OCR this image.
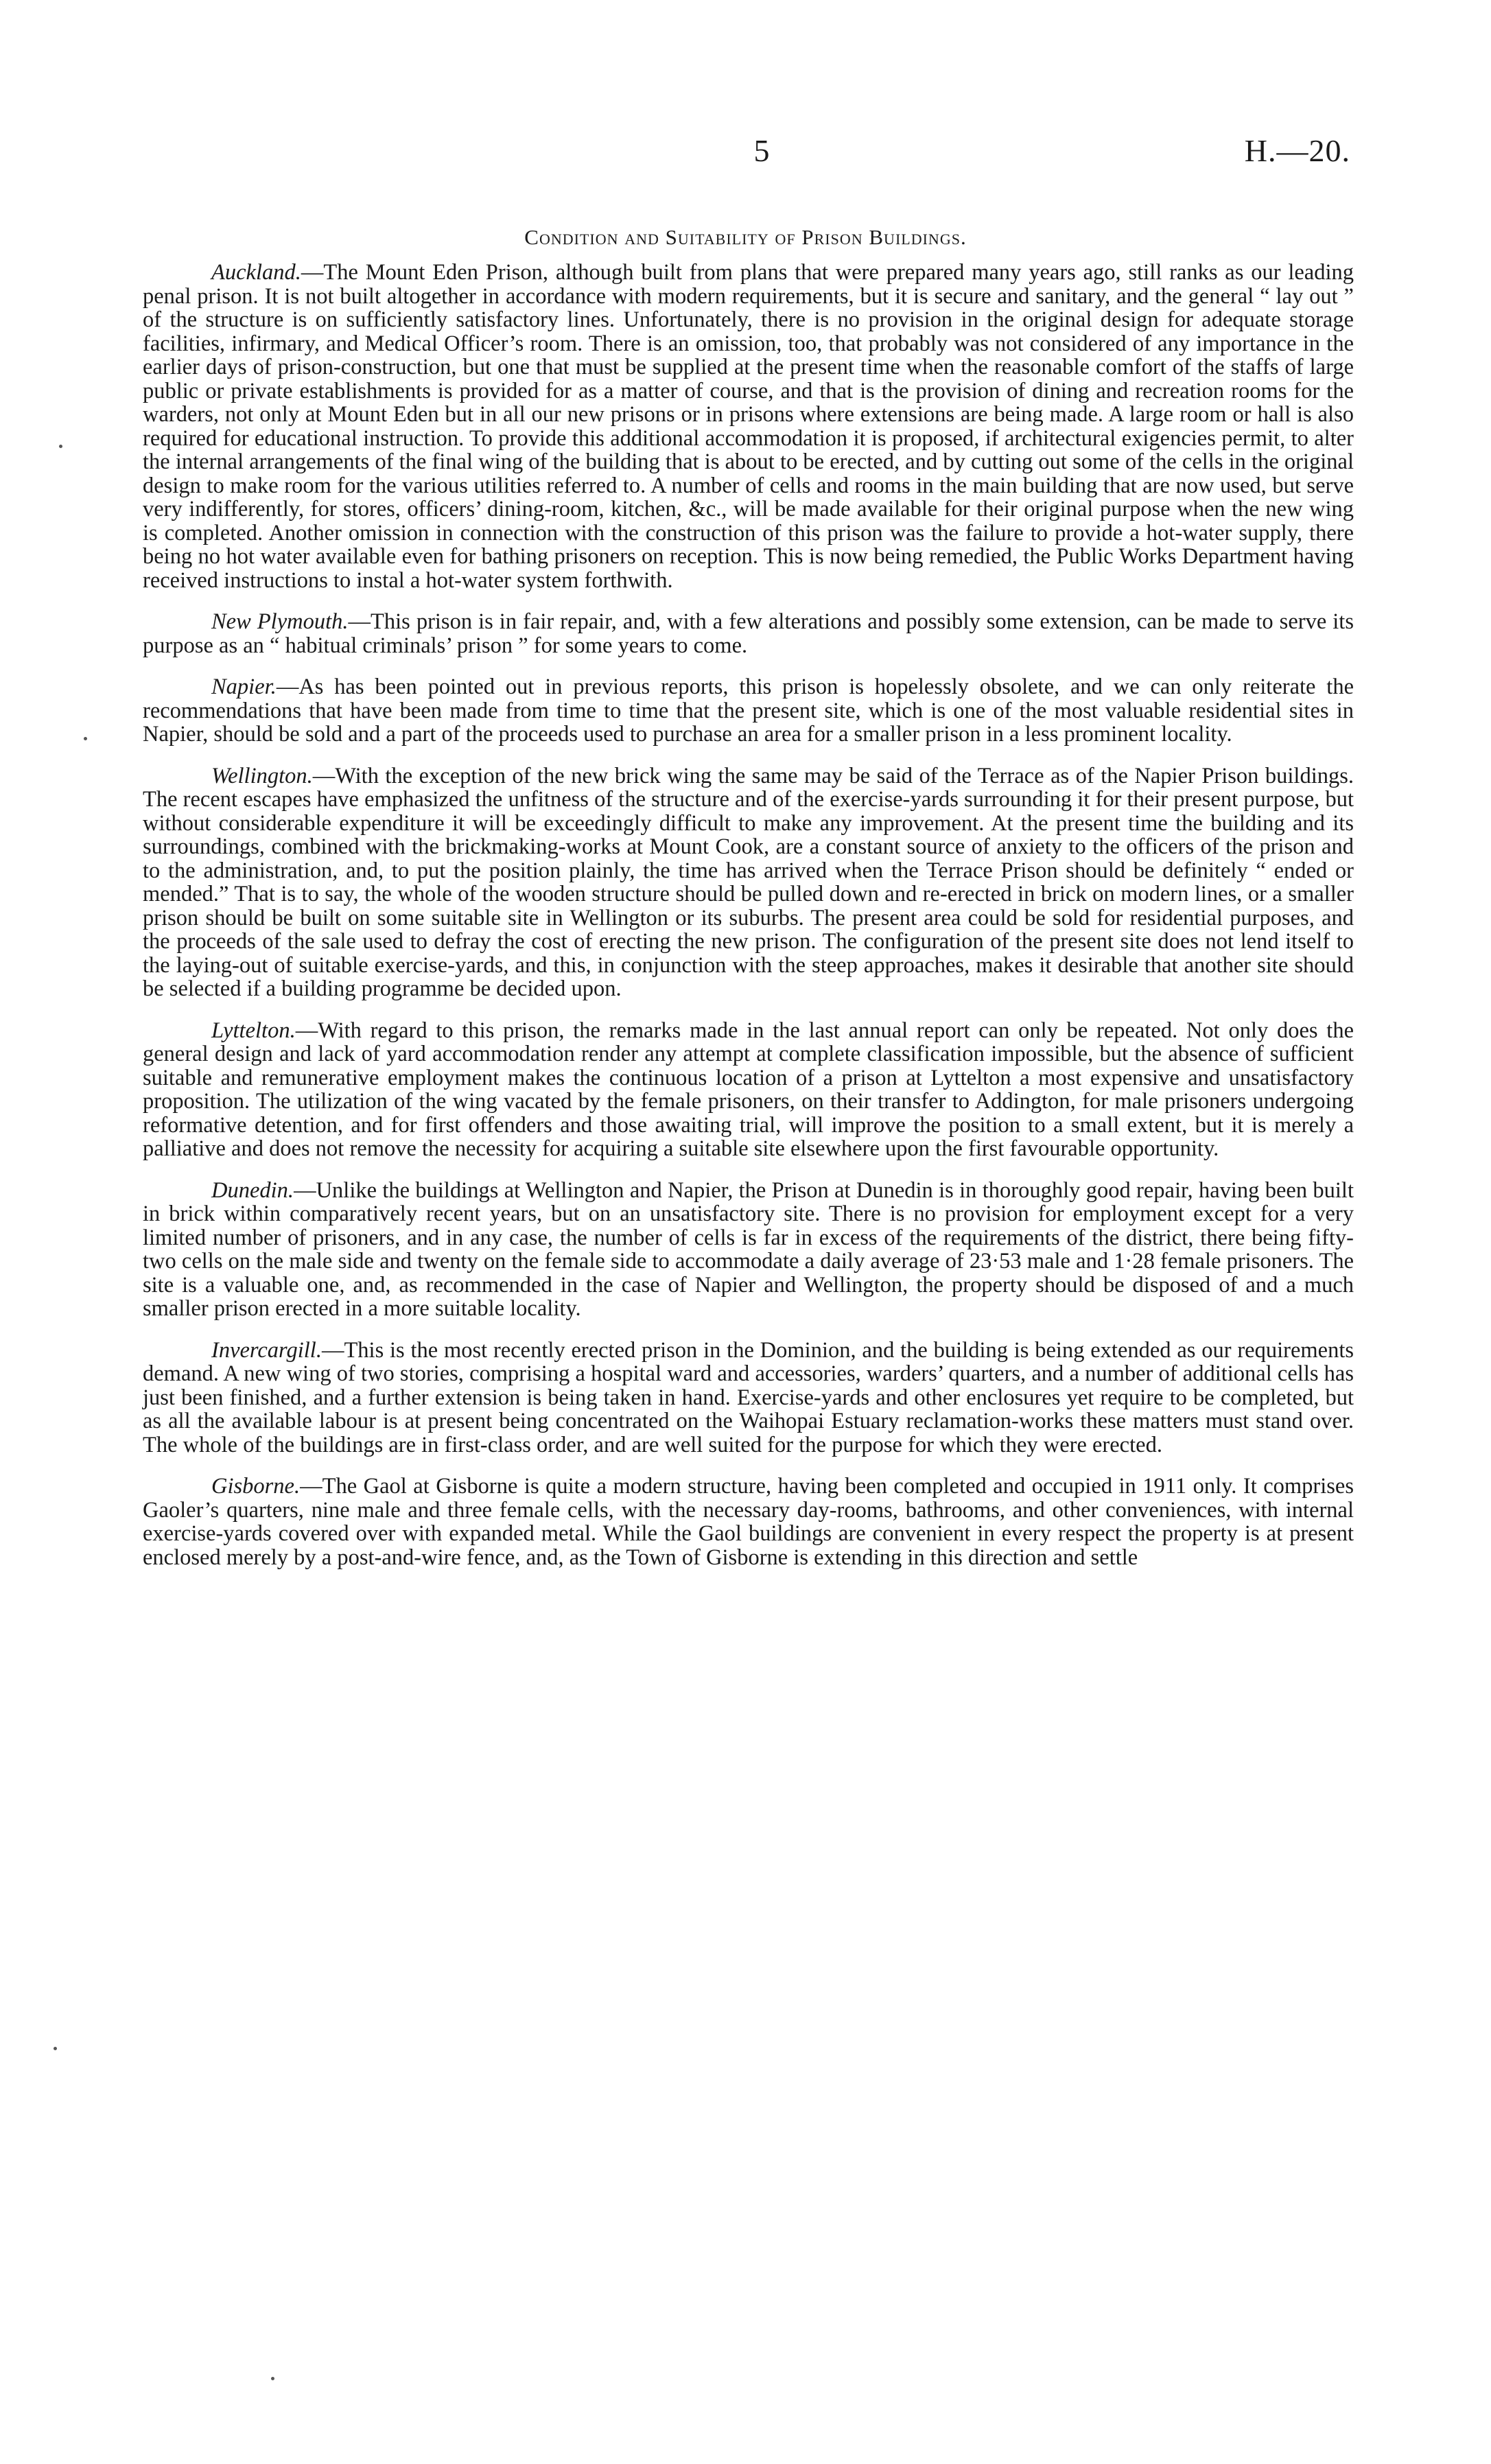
5	H.—20.
Condition and Suitability of Prison Buildings.

Auckland.—The Mount Eden Prison, although built from plans that were prepared many years ago, still ranks as our leading penal prison. It is not built altogether in accordance with modern requirements, but it is secure and sanitary, and the general “ lay out ” of the structure is on sufficiently satisfactory lines. Unfortunately, there is no provision in the original design for adequate storage facilities, infirmary, and Medical Officer’s room. There is an omission, too, that probably was not considered of any importance in the earlier days of prison-construction, but one that must be supplied at the present time when the reasonable comfort of the staffs of large public or private establishments is provided for as a matter of course, and that is the provision of dining and recreation rooms for the warders, not only at Mount Eden but in all our new prisons or in prisons where extensions are being made. A large room or hall is also required for educational instruction. To provide this additional accommodation it is proposed, if architectural exigencies permit, to alter the internal arrangements of the final wing of the building that is about to be erected, and by cutting out some of the cells in the original design to make room for the various utilities referred to. A number of cells and rooms in the main building that are now used, but serve very indifferently, for stores, officers’ dining-room, kitchen, &c., will be made available for their original purpose when the new wing is completed. Another omission in connection with the construction of this prison was the failure to provide a hot-water supply, there being no hot water available even for bathing prisoners on reception. This is now being remedied, the Public Works Department having received instructions to instal a hot-water system forthwith.

New Plymouth.—This prison is in fair repair, and, with a few alterations and possibly some extension, can be made to serve its purpose as an “ habitual criminals’ prison ” for some years to come.

Napier.—As has been pointed out in previous reports, this prison is hopelessly obsolete, and we can only reiterate the recommendations that have been made from time to time that the present site, which is one of the most valuable residential sites in Napier, should be sold and a part of the proceeds used to purchase an area for a smaller prison in a less prominent locality.

Wellington.—With the exception of the new brick wing the same may be said of the Terrace as of the Napier Prison buildings. The recent escapes have emphasized the unfitness of the structure and of the exercise-yards surrounding it for their present purpose, but without considerable expenditure it will be exceedingly difficult to make any improvement. At the present time the building and its surroundings, combined with the brickmaking-works at Mount Cook, are a constant source of anxiety to the officers of the prison and to the administration, and, to put the position plainly, the time has arrived when the Terrace Prison should be definitely “ ended or mended.” That is to say, the whole of the wooden structure should be pulled down and re-erected in brick on modern lines, or a smaller prison should be built on some suitable site in Wellington or its suburbs. The present area could be sold for residential purposes, and the proceeds of the sale used to defray the cost of erecting the new prison. The configuration of the present site does not lend itself to the laying-out of suitable exercise-yards, and this, in conjunction with the steep approaches, makes it desirable that another site should be selected if a building programme be decided upon.

Lyttelton.—With regard to this prison, the remarks made in the last annual report can only be repeated. Not only does the general design and lack of yard accommodation render any attempt at complete classification impossible, but the absence of sufficient suitable and remunerative employment makes the continuous location of a prison at Lyttelton a most expensive and unsatisfactory proposition. The utilization of the wing vacated by the female prisoners, on their transfer to Addington, for male prisoners undergoing reformative detention, and for first offenders and those awaiting trial, will improve the position to a small extent, but it is merely a palliative and does not remove the necessity for acquiring a suitable site elsewhere upon the first favourable opportunity.

Dunedin.—Unlike the buildings at Wellington and Napier, the Prison at Dunedin is in thoroughly good repair, having been built in brick within comparatively recent years, but on an unsatisfactory site. There is no provision for employment except for a very limited number of prisoners, and in any case, the number of cells is far in excess of the requirements of the district, there being fifty-two cells on the male side and twenty on the female side to accommodate a daily average of 23·53 male and 1·28 female prisoners. The site is a valuable one, and, as recommended in the case of Napier and Wellington, the property should be disposed of and a much smaller prison erected in a more suitable locality.

Invercargill.—This is the most recently erected prison in the Dominion, and the building is being extended as our requirements demand. A new wing of two stories, comprising a hospital ward and accessories, warders’ quarters, and a number of additional cells has just been finished, and a further extension is being taken in hand. Exercise-yards and other enclosures yet require to be completed, but as all the available labour is at present being concentrated on the Waihopai Estuary reclamation-works these matters must stand over. The whole of the buildings are in first-class order, and are well suited for the purpose for which they were erected.

Gisborne.—The Gaol at Gisborne is quite a modern structure, having been completed and occupied in 1911 only. It comprises Gaoler’s quarters, nine male and three female cells, with the necessary day-rooms, bathrooms, and other conveniences, with internal exercise-yards covered over with expanded metal. While the Gaol buildings are convenient in every respect the property is at present enclosed merely by a post-and-wire fence, and, as the Town of Gisborne is extending in this direction and settle
